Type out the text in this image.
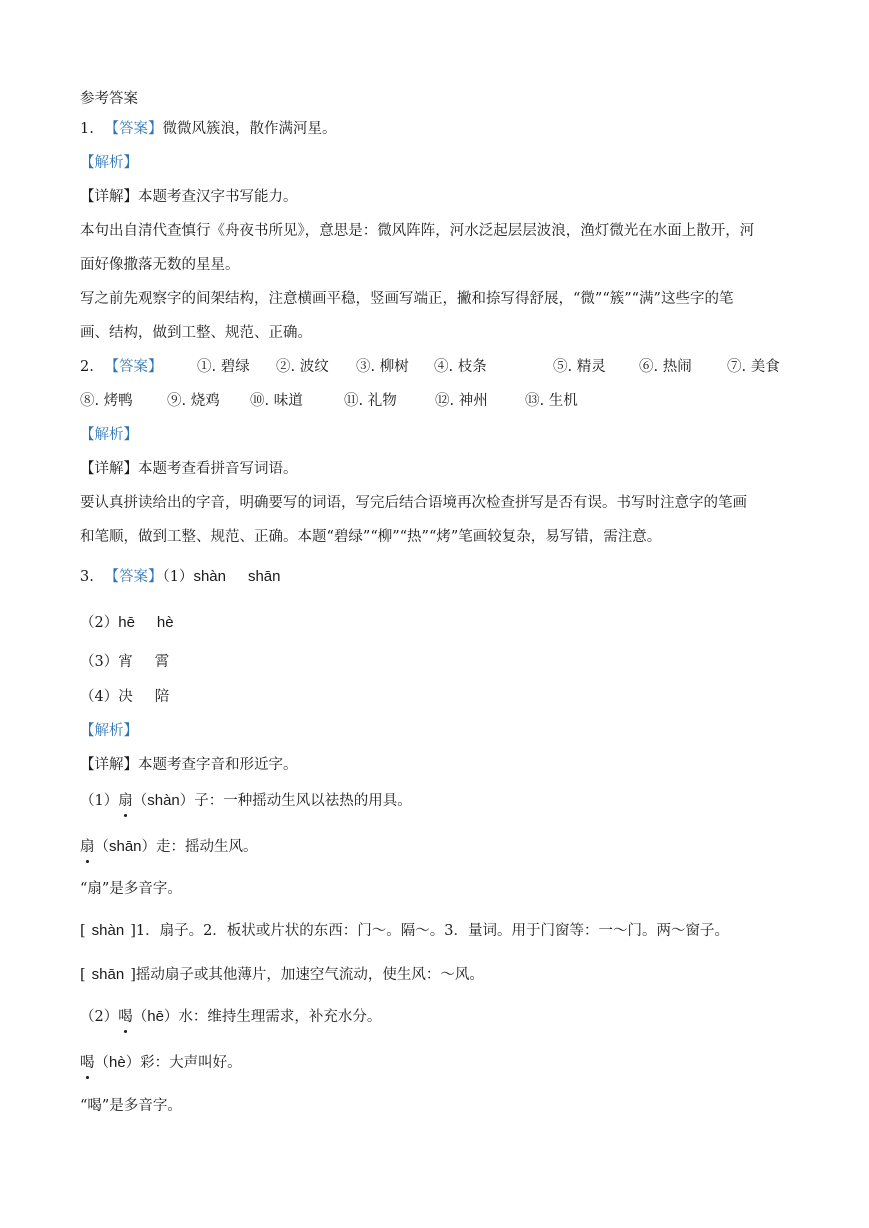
参考答案
1. 【答案】微微风簇浪，散作满河星。
【解析】
【详解】本题考查汉字书写能力。
本句出自清代查慎行《舟夜书所见》，意思是：微风阵阵，河水泛起层层波浪，渔灯微光在水面上散开，河
面好像撒落无数的星星。
写之前先观察字的间架结构，注意横画平稳，竖画写端正，撇和捺写得舒展，“微”“簇”“满”这些字的笔
画、结构，做到工整、规范、正确。
2. 【答案】 ①. 碧绿 ②. 波纹 ③. 柳树 ④. 枝条	⑤. 精灵 ⑥. 热闹 ⑦. 美食
⑧. 烤鸭 ⑨. 烧鸡 ⑩. 味道	⑪. 礼物	⑫. 神州	⑬. 生机
【解析】
【详解】本题考查看拼音写词语。
要认真拼读给出的字音，明确要写的词语，写完后结合语境再次检查拼写是否有误。书写时注意字的笔画
和笔顺，做到工整、规范、正确。本题“碧绿”“柳”“热”“烤”笔画较复杂，易写错，需注意。
3. 【答案】（1）shàn shān
（2）hē hè
（3）宵 霄
（4）决 陪
【解析】
【详解】本题考查字音和形近字。
（1）扇（shàn）子：一种摇动生风以祛热的用具。
扇（shān）走：摇动生风。
“扇”是多音字。
[ shàn ]1．扇子。2．板状或片状的东西：门～。隔～。3．量词。用于门窗等：一～门。两～窗子。
[ shān ]摇动扇子或其他薄片，加速空气流动，使生风：～风。
（2）喝（hē）水：维持生理需求，补充水分。
喝（hè）彩：大声叫好。
“喝”是多音字。
